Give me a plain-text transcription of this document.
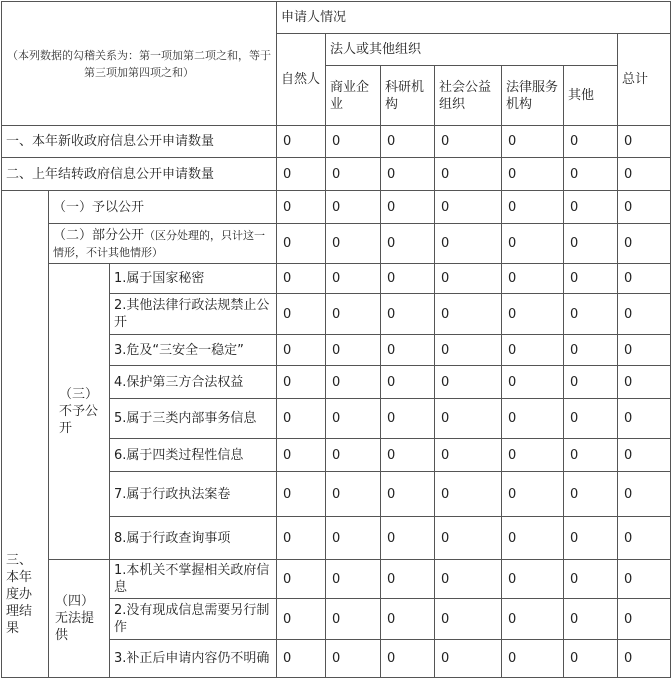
（本列数据的勾稽关系为：第一项加第二项之和，等于第三项加第四项之和）			申请人情况						
			自然人	法人或其他组织					总计
				商业企业	科研机构	社会公益组织	法律服务机构	其他	
一、本年新收政府信息公开申请数量			0	0	0	0	0	0	0
二、上年结转政府信息公开申请数量			0	0	0	0	0	0	0
三、本年度办理结果	（一）予以公开		0	0	0	0	0	0	0
	（二）部分公开（区分处理的，只计这一情形，不计其他情形）		0	0	0	0	0	0	0
	（三）不予公开	1.属于国家秘密	0	0	0	0	0	0	0
		2.其他法律行政法规禁止公开	0	0	0	0	0	0	0
		3.危及“三安全一稳定”	0	0	0	0	0	0	0
		4.保护第三方合法权益	0	0	0	0	0	0	0
		5.属于三类内部事务信息	0	0	0	0	0	0	0
		6.属于四类过程性信息	0	0	0	0	0	0	0
		7.属于行政执法案卷	0	0	0	0	0	0	0
		8.属于行政查询事项	0	0	0	0	0	0	0
	（四）无法提供	1.本机关不掌握相关政府信息	0	0	0	0	0	0	0
		2.没有现成信息需要另行制作	0	0	0	0	0	0	0
		3.补正后申请内容仍不明确	0	0	0	0	0	0	0
